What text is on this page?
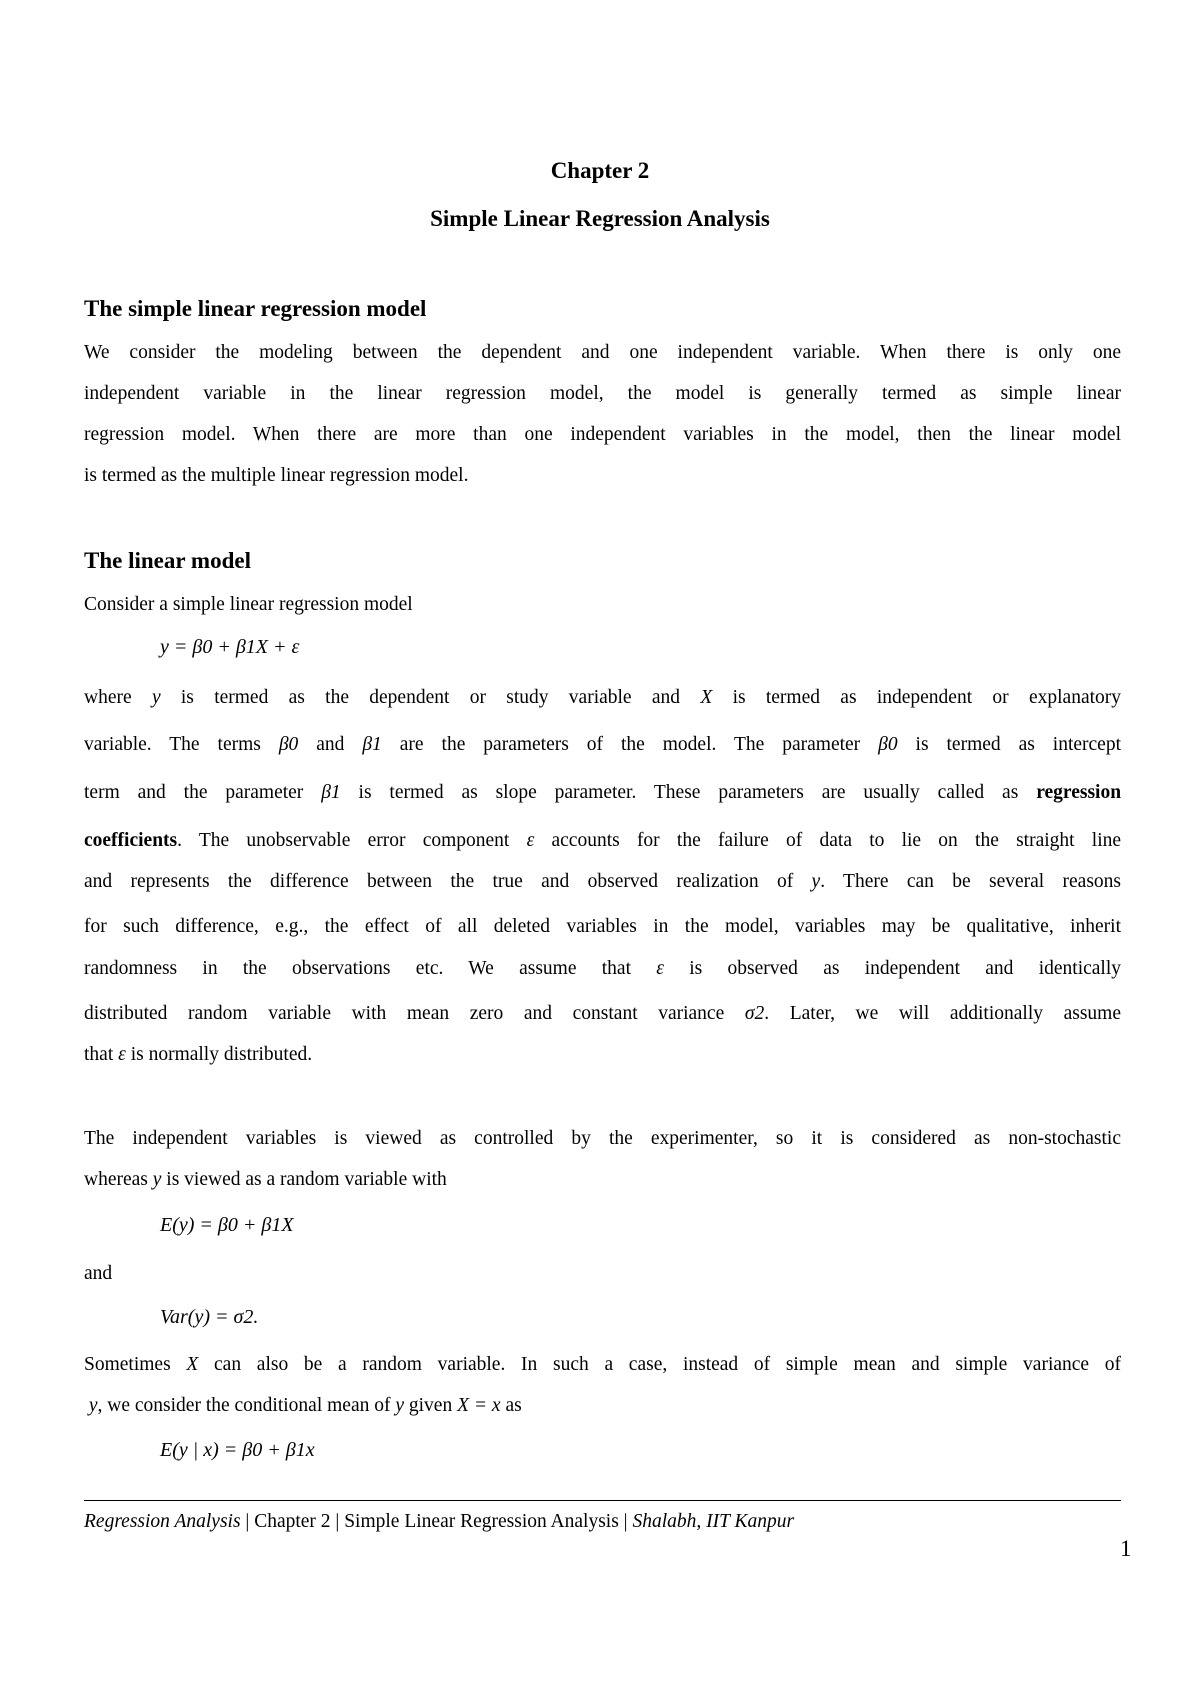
Chapter 2
Simple Linear Regression Analysis
The simple linear regression model
We consider the modeling between the dependent and one independent variable. When there is only one
independent variable in the linear regression model, the model is generally termed as simple linear
regression model. When there are more than one independent variables in the model, then the linear model
is termed as the multiple linear regression model.
The linear model
Consider a simple linear regression model
y = β0 + β1X + ε
where y is termed as the dependent or study variable and X is termed as independent or explanatory
variable. The terms β0 and β1 are the parameters of the model. The parameter β0 is termed as intercept
term and the parameter β1 is termed as slope parameter. These parameters are usually called as regression
coefficients. The unobservable error component ε accounts for the failure of data to lie on the straight line
and represents the difference between the true and observed realization of y. There can be several reasons
for such difference, e.g., the effect of all deleted variables in the model, variables may be qualitative, inherit
randomness in the observations etc. We assume that ε is observed as independent and identically
distributed random variable with mean zero and constant variance σ2. Later, we will additionally assume
that ε is normally distributed.
The independent variables is viewed as controlled by the experimenter, so it is considered as non-stochastic
whereas y is viewed as a random variable with
E(y) = β0 + β1X
and
Var(y) = σ2.
Sometimes X can also be a random variable. In such a case, instead of simple mean and simple variance of
y, we consider the conditional mean of y given X = x as
E(y | x) = β0 + β1x
Regression Analysis | Chapter 2 | Simple Linear Regression Analysis | Shalabh, IIT Kanpur
1
